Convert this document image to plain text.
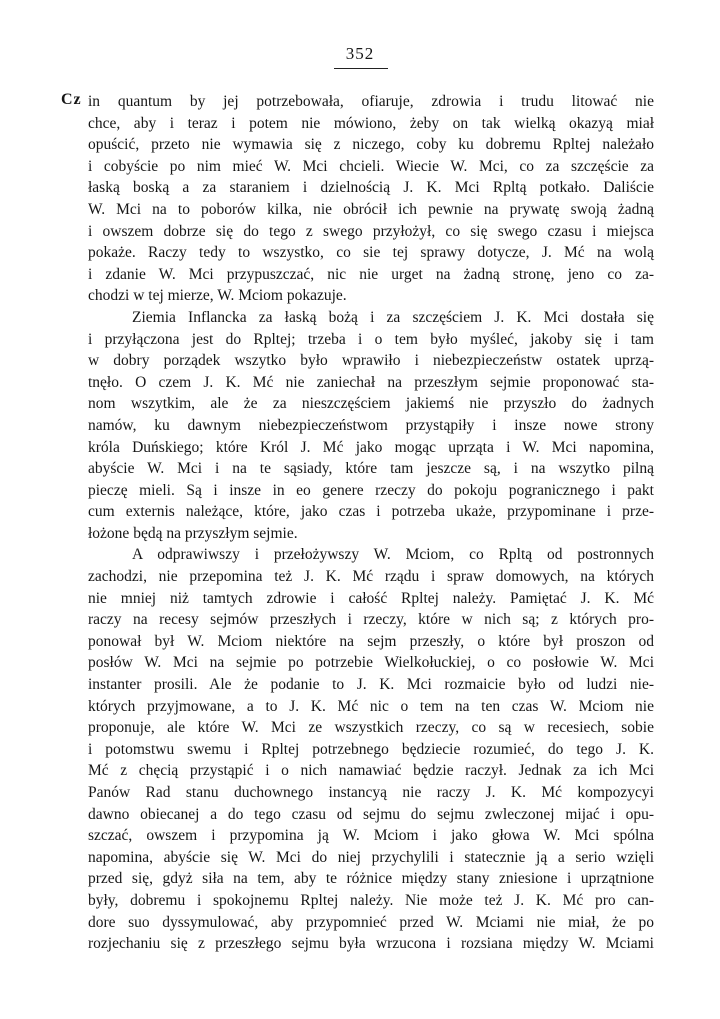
352
Cz in quantum by jej potrzebowała, ofiaruje, zdrowia i trudu litować nie
chce, aby i teraz i potem nie mówiono, żeby on tak wielką okazyą miał
opuścić, przeto nie wymawia się z niczego, coby ku dobremu Rpltej należało
i cobyście po nim mieć W. Mci chcieli. Wiecie W. Mci, co za szczęście za
łaską boską a za staraniem i dzielnością J. K. Mci Rpltą potkało. Daliście
W. Mci na to poborów kilka, nie obrócił ich pewnie na prywatę swoją żadną
i owszem dobrze się do tego z swego przyłożył, co się swego czasu i miejsca
pokaże. Raczy tedy to wszystko, co sie tej sprawy dotycze, J. Mć na wolą
i zdanie W. Mci przypuszczać, nic nie urget na żadną stronę, jeno co za-
chodzi w tej mierze, W. Mciom pokazuje.
Ziemia Inflancka za łaską bożą i za szczęściem J. K. Mci dostała się
i przyłączona jest do Rpltej; trzeba i o tem było myśleć, jakoby się i tam
w dobry porządek wszytko było wprawiło i niebezpieczeństw ostatek uprzą-
tnęło. O czem J. K. Mć nie zaniechał na przeszłym sejmie proponować sta-
nom wszytkim, ale że za nieszczęściem jakiemś nie przyszło do żadnych
namów, ku dawnym niebezpieczeństwom przystąpiły i insze nowe strony
króla Duńskiego; które Król J. Mć jako mogąc uprząta i W. Mci napomina,
abyście W. Mci i na te sąsiady, które tam jeszcze są, i na wszytko pilną
pieczę mieli. Są i insze in eo genere rzeczy do pokoju pogranicznego i pakt
cum externis należące, które, jako czas i potrzeba ukaże, przypominane i prze-
łożone będą na przyszłym sejmie.
A odprawiwszy i przełożywszy W. Mciom, co Rpltą od postronnych
zachodzi, nie przepomina też J. K. Mć rządu i spraw domowych, na których
nie mniej niż tamtych zdrowie i całość Rpltej należy. Pamiętać J. K. Mć
raczy na recesy sejmów przeszłych i rzeczy, które w nich są; z których pro-
ponował był W. Mciom niektóre na sejm przeszły, o które był proszon od
posłów W. Mci na sejmie po potrzebie Wielkołuckiej, o co posłowie W. Mci
instanter prosili. Ale że podanie to J. K. Mci rozmaicie było od ludzi nie-
których przyjmowane, a to J. K. Mć nic o tem na ten czas W. Mciom nie
proponuje, ale które W. Mci ze wszystkich rzeczy, co są w recesiech, sobie
i potomstwu swemu i Rpltej potrzebnego będziecie rozumieć, do tego J. K.
Mć z chęcią przystąpić i o nich namawiać będzie raczył. Jednak za ich Mci
Panów Rad stanu duchownego instancyą nie raczy J. K. Mć kompozycyi
dawno obiecanej a do tego czasu od sejmu do sejmu zwleczonej mijać i opu-
szczać, owszem i przypomina ją W. Mciom i jako głowa W. Mci spólna
napomina, abyście się W. Mci do niej przychylili i statecznie ją a serio wzięli
przed się, gdyż siła na tem, aby te różnice między stany zniesione i uprzątnione
były, dobremu i spokojnemu Rpltej należy. Nie może też J. K. Mć pro can-
dore suo dyssymulować, aby przypomnieć przed W. Mciami nie miał, że po
rozjechaniu się z przeszłego sejmu była wrzucona i rozsiana między W. Mciami
